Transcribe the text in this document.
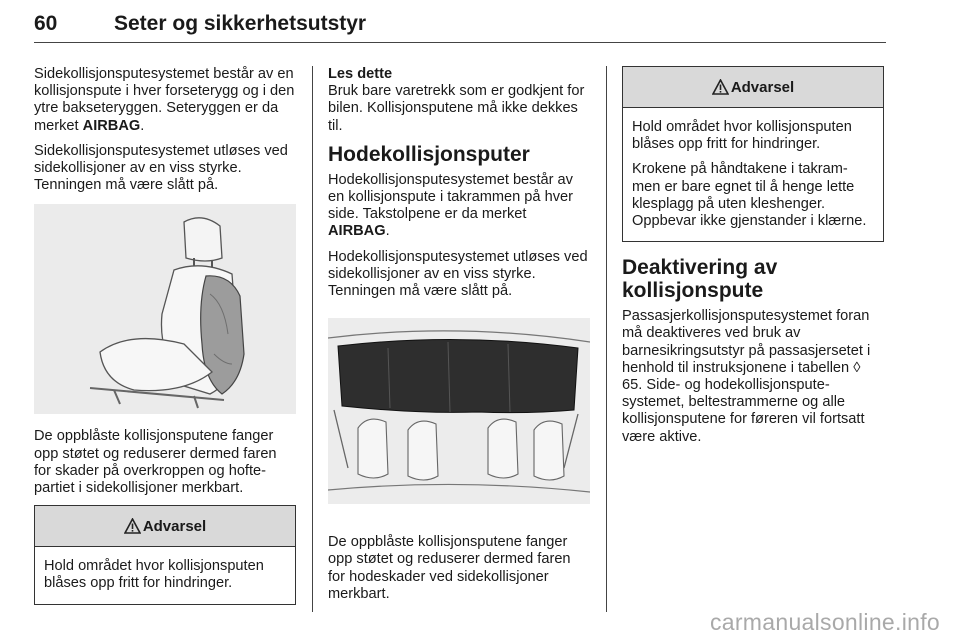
60	Seter og sikkerhetsutstyr

Sidekollisjonsputesystemet består av en kollisjonspute i hver forseterygg og i den ytre bakseteryggen. Seteryggen er da merket AIRBAG.

Sidekollisjonsputesystemet utløses ved sidekollisjoner av en viss styrke. Tenningen må være slått på.

De oppblåste kollisjonsputene fanger opp støtet og reduserer dermed faren for skader på overkroppen og hofte-partiet i sidekollisjoner merkbart.

Advarsel

Hold området hvor kollisjonsputen blåses opp fritt for hindringer.

Les dette
Bruk bare varetrekk som er godkjent for bilen. Kollisjonsputene må ikke dekkes til.

Hodekollisjonsputer

Hodekollisjonsputesystemet består av en kollisjonspute i takrammen på hver side. Takstolpene er da merket AIRBAG.

Hodekollisjonsputesystemet utløses ved sidekollisjoner av en viss styrke. Tenningen må være slått på.

De oppblåste kollisjonsputene fanger opp støtet og reduserer dermed faren for hodeskader ved sidekollisjoner merkbart.

Advarsel

Hold området hvor kollisjonsputen blåses opp fritt for hindringer.

Krokene på håndtakene i takram-men er bare egnet til å henge lette klesplagg på uten kleshenger. Oppbevar ikke gjenstander i klærne.

Deaktivering av kollisjonspute

Passasjerkollisjonsputesystemet foran må deaktiveres ved bruk av barnesikringsutstyr på passasjersetet i henhold til instruksjonene i tabellen ◊ 65. Side- og hodekollisjonspute-systemet, beltestrammerne og alle kollisjonsputene for føreren vil fortsatt være aktive.

carmanualsonline.info
